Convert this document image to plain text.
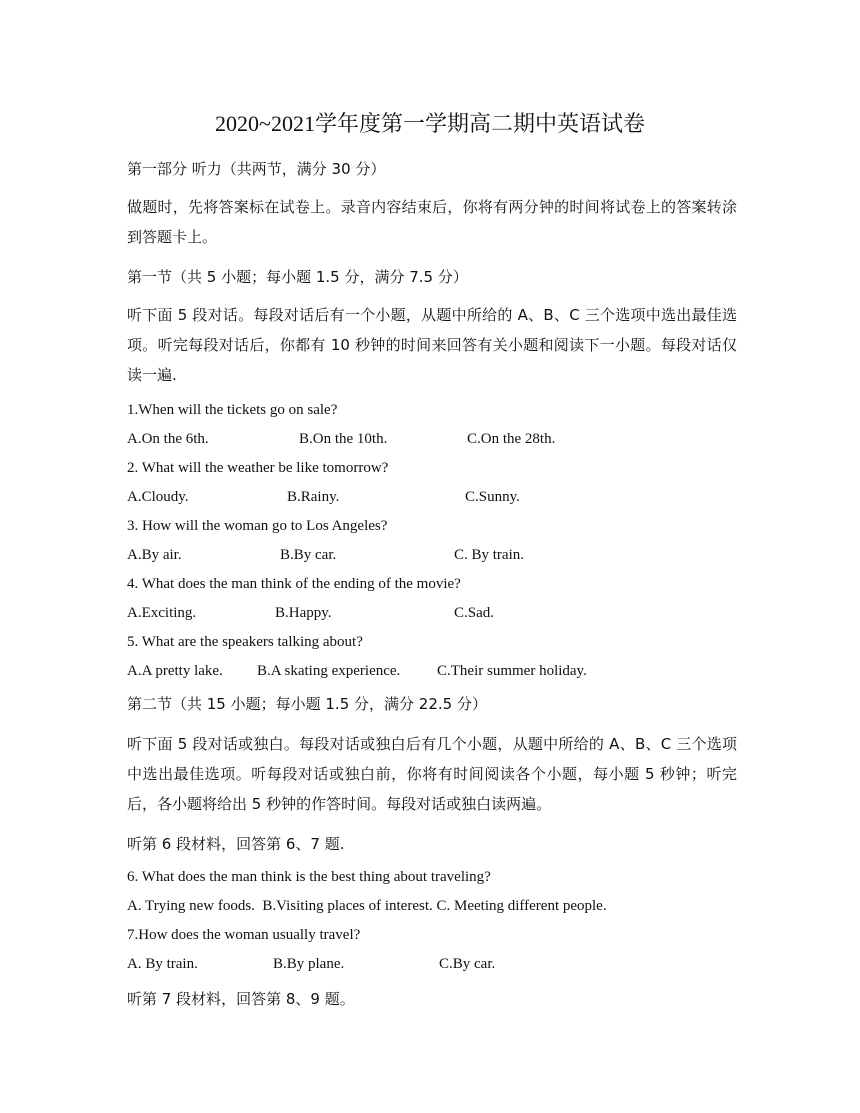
2020~2021学年度第一学期高二期中英语试卷
第一部分 听力（共两节，满分 30 分）
做题时，先将答案标在试卷上。录音内容结束后，你将有两分钟的时间将试卷上的答案转涂到答题卡上。
第一节（共 5 小题；每小题 1.5 分，满分 7.5 分）
听下面 5 段对话。每段对话后有一个小题，从题中所给的 A、B、C 三个选项中选出最佳选项。听完每段对话后，你都有 10 秒钟的时间来回答有关小题和阅读下一小题。每段对话仅读一遍.
1.When will the tickets go on sale?
A.On the 6th.	B.On the 10th.	C.On the 28th.
2. What will the weather be like tomorrow?
A.Cloudy.	B.Rainy.	C.Sunny.
3. How will the woman go to Los Angeles?
A.By air.	B.By car.	C. By train.
4. What does the man think of the ending of the movie?
A.Exciting.	B.Happy.	C.Sad.
5. What are the speakers talking about?
A.A pretty lake. B.A skating experience. C.Their summer holiday.
第二节（共 15 小题；每小题 1.5 分，满分 22.5 分）
听下面 5 段对话或独白。每段对话或独白后有几个小题，从题中所给的 A、B、C 三个选项中选出最佳选项。听每段对话或独白前，你将有时间阅读各个小题，每小题 5 秒钟；听完后，各小题将给出 5 秒钟的作答时间。每段对话或独白读两遍。
听第 6 段材料，回答第 6、7 题.
6. What does the man think is the best thing about traveling?
A. Trying new foods.  B.Visiting places of interest. C. Meeting different people.
7.How does the woman usually travel?
A. By train.	B.By plane.	C.By car.
听第 7 段材料，回答第 8、9 题。
